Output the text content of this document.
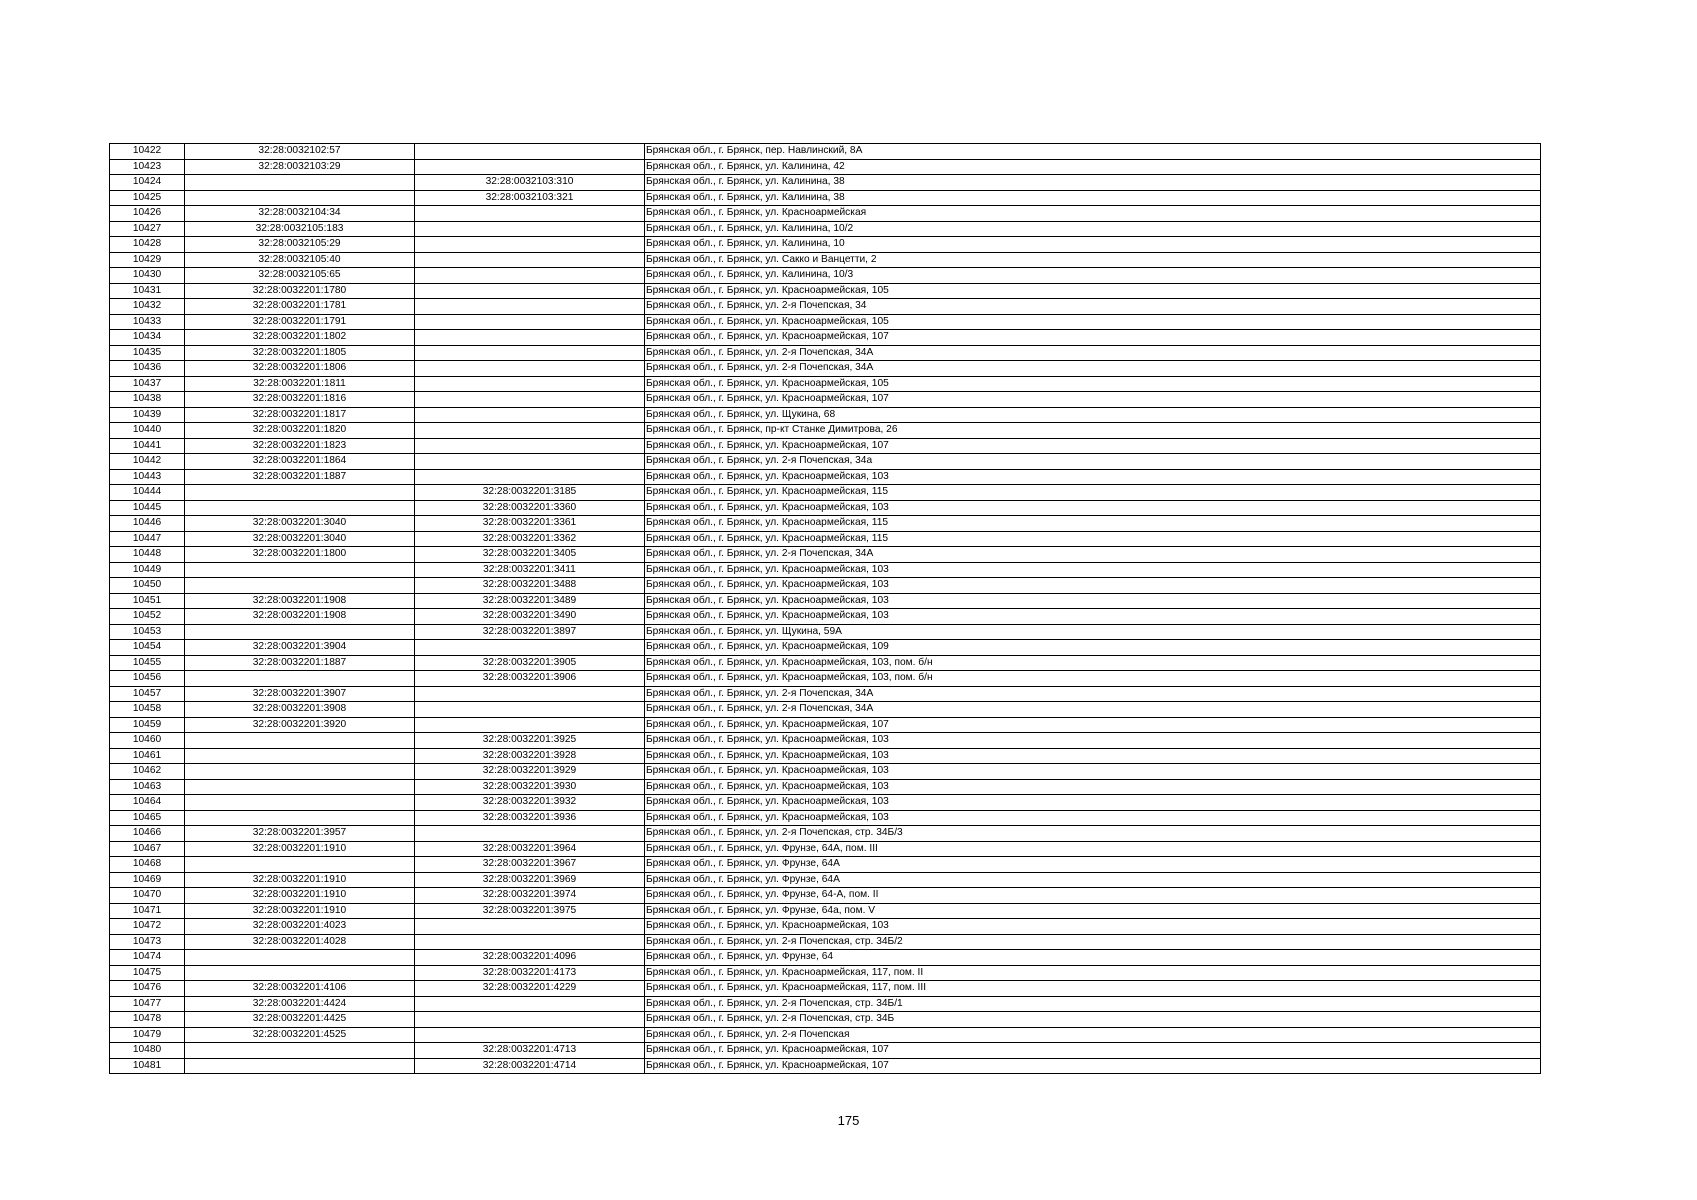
10422	32:28:0032102:57		Брянская обл., г. Брянск, пер. Навлинский, 8А
10423	32:28:0032103:29		Брянская обл., г. Брянск, ул. Калинина, 42
10424		32:28:0032103:310	Брянская обл., г. Брянск, ул. Калинина, 38
10425		32:28:0032103:321	Брянская обл., г. Брянск, ул. Калинина, 38
10426	32:28:0032104:34		Брянская обл., г. Брянск, ул. Красноармейская
10427	32:28:0032105:183		Брянская обл., г. Брянск, ул. Калинина, 10/2
10428	32:28:0032105:29		Брянская обл., г. Брянск, ул. Калинина, 10
10429	32:28:0032105:40		Брянская обл., г. Брянск, ул. Сакко и Ванцетти, 2
10430	32:28:0032105:65		Брянская обл., г. Брянск, ул. Калинина, 10/3
10431	32:28:0032201:1780		Брянская обл., г. Брянск, ул. Красноармейская, 105
10432	32:28:0032201:1781		Брянская обл., г. Брянск, ул. 2-я Почепская, 34
10433	32:28:0032201:1791		Брянская обл., г. Брянск, ул. Красноармейская, 105
10434	32:28:0032201:1802		Брянская обл., г. Брянск, ул. Красноармейская, 107
10435	32:28:0032201:1805		Брянская обл., г. Брянск, ул. 2-я Почепская, 34А
10436	32:28:0032201:1806		Брянская обл., г. Брянск, ул. 2-я Почепская, 34А
10437	32:28:0032201:1811		Брянская обл., г. Брянск, ул. Красноармейская, 105
10438	32:28:0032201:1816		Брянская обл., г. Брянск, ул. Красноармейская, 107
10439	32:28:0032201:1817		Брянская обл., г. Брянск, ул. Щукина, 68
10440	32:28:0032201:1820		Брянская обл., г. Брянск, пр-кт Станке Димитрова, 26
10441	32:28:0032201:1823		Брянская обл., г. Брянск, ул. Красноармейская, 107
10442	32:28:0032201:1864		Брянская обл., г. Брянск, ул. 2-я Почепская, 34а
10443	32:28:0032201:1887		Брянская обл., г. Брянск, ул. Красноармейская, 103
10444		32:28:0032201:3185	Брянская обл., г. Брянск, ул. Красноармейская, 115
10445		32:28:0032201:3360	Брянская обл., г. Брянск, ул. Красноармейская, 103
10446	32:28:0032201:3040	32:28:0032201:3361	Брянская обл., г. Брянск, ул. Красноармейская, 115
10447	32:28:0032201:3040	32:28:0032201:3362	Брянская обл., г. Брянск, ул. Красноармейская, 115
10448	32:28:0032201:1800	32:28:0032201:3405	Брянская обл., г. Брянск, ул. 2-я Почепская, 34А
10449		32:28:0032201:3411	Брянская обл., г. Брянск, ул. Красноармейская, 103
10450		32:28:0032201:3488	Брянская обл., г. Брянск, ул. Красноармейская, 103
10451	32:28:0032201:1908	32:28:0032201:3489	Брянская обл., г. Брянск, ул. Красноармейская, 103
10452	32:28:0032201:1908	32:28:0032201:3490	Брянская обл., г. Брянск, ул. Красноармейская, 103
10453		32:28:0032201:3897	Брянская обл., г. Брянск, ул. Щукина, 59А
10454	32:28:0032201:3904		Брянская обл., г. Брянск, ул. Красноармейская, 109
10455	32:28:0032201:1887	32:28:0032201:3905	Брянская обл., г. Брянск, ул. Красноармейская, 103, пом. б/н
10456		32:28:0032201:3906	Брянская обл., г. Брянск, ул. Красноармейская, 103, пом. б/н
10457	32:28:0032201:3907		Брянская обл., г. Брянск, ул. 2-я Почепская, 34А
10458	32:28:0032201:3908		Брянская обл., г. Брянск, ул. 2-я Почепская, 34А
10459	32:28:0032201:3920		Брянская обл., г. Брянск, ул. Красноармейская, 107
10460		32:28:0032201:3925	Брянская обл., г. Брянск, ул. Красноармейская, 103
10461		32:28:0032201:3928	Брянская обл., г. Брянск, ул. Красноармейская, 103
10462		32:28:0032201:3929	Брянская обл., г. Брянск, ул. Красноармейская, 103
10463		32:28:0032201:3930	Брянская обл., г. Брянск, ул. Красноармейская, 103
10464		32:28:0032201:3932	Брянская обл., г. Брянск, ул. Красноармейская, 103
10465		32:28:0032201:3936	Брянская обл., г. Брянск, ул. Красноармейская, 103
10466	32:28:0032201:3957		Брянская обл., г. Брянск, ул. 2-я Почепская, стр. 34Б/3
10467	32:28:0032201:1910	32:28:0032201:3964	Брянская обл., г. Брянск, ул. Фрунзе, 64А, пом. III
10468		32:28:0032201:3967	Брянская обл., г. Брянск, ул. Фрунзе, 64А
10469	32:28:0032201:1910	32:28:0032201:3969	Брянская обл., г. Брянск, ул. Фрунзе, 64А
10470	32:28:0032201:1910	32:28:0032201:3974	Брянская обл., г. Брянск, ул. Фрунзе, 64-А, пом. II
10471	32:28:0032201:1910	32:28:0032201:3975	Брянская обл., г. Брянск, ул. Фрунзе, 64а, пом. V
10472	32:28:0032201:4023		Брянская обл., г. Брянск, ул. Красноармейская, 103
10473	32:28:0032201:4028		Брянская обл., г. Брянск, ул. 2-я Почепская, стр. 34Б/2
10474		32:28:0032201:4096	Брянская обл., г. Брянск, ул. Фрунзе, 64
10475		32:28:0032201:4173	Брянская обл., г. Брянск, ул. Красноармейская, 117, пом. II
10476	32:28:0032201:4106	32:28:0032201:4229	Брянская обл., г. Брянск, ул. Красноармейская, 117, пом. III
10477	32:28:0032201:4424		Брянская обл., г. Брянск, ул. 2-я Почепская, стр. 34Б/1
10478	32:28:0032201:4425		Брянская обл., г. Брянск, ул. 2-я Почепская, стр. 34Б
10479	32:28:0032201:4525		Брянская обл., г. Брянск, ул. 2-я Почепская
10480		32:28:0032201:4713	Брянская обл., г. Брянск, ул. Красноармейская, 107
10481		32:28:0032201:4714	Брянская обл., г. Брянск, ул. Красноармейская, 107
175
